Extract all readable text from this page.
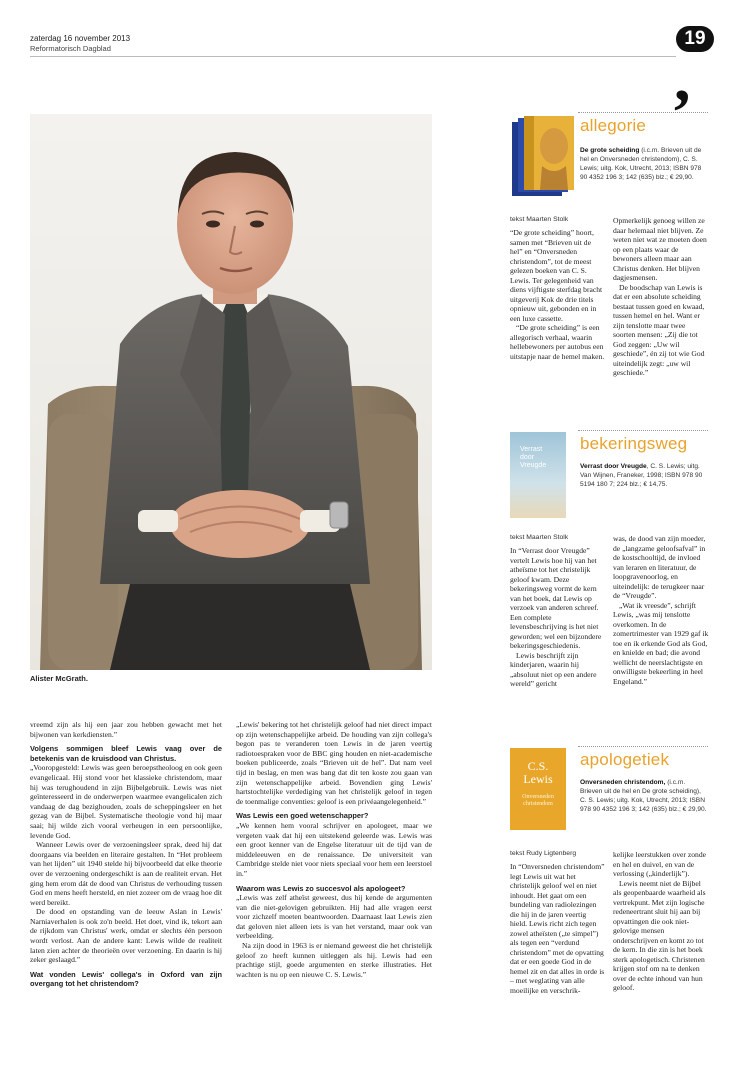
zaterdag 16 november 2013
Reformatorisch Dagblad	19
,
Alister McGrath.

vreemd zijn als hij een jaar zou hebben gewacht met het bijwonen van kerkdiensten.”

Volgens sommigen bleef Lewis vaag over de betekenis van de kruisdood van Christus.

„Vooropgesteld: Lewis was geen beroepstheoloog en ook geen evangelicaal. Hij stond voor het klassieke christendom, maar hij was terughoudend in zijn Bijbelgebruik. Lewis was niet geïnteresseerd in de onderwerpen waarmee evangelicalen zich vandaag de dag bezighouden, zoals de scheppingsleer en het gezag van de Bijbel. Systematische theologie vond hij maar saai; hij wilde zich vooral verheugen in een persoonlijke, levende God.

Wanneer Lewis over de verzoeningsleer sprak, deed hij dat doorgaans via beelden en literaire gestalten. In “Het probleem van het lijden” uit 1940 stelde hij bijvoorbeeld dat elke theorie over de verzoening ondergeschikt is aan de realiteit ervan. Het ging hem erom dát de dood van Christus de verhouding tussen God en mens heeft hersteld, en niet zozeer om de vraag hoe dit werd bereikt.

De dood en opstanding van de leeuw Aslan in Lewis' Narniaverhalen is ook zo'n beeld. Het doet, vind ik, tekort aan de rijkdom van Christus' werk, omdat er slechts één persoon wordt verlost. Aan de andere kant: Lewis wilde de realiteit laten zien achter de theorieën over verzoening. En daarin is hij zeker geslaagd.”

Wat vonden Lewis' collega's in Oxford van zijn overgang tot het christendom?

„Lewis' bekering tot het christelijk geloof had niet direct impact op zijn wetenschappelijke arbeid. De houding van zijn collega's begon pas te veranderen toen Lewis in de jaren veertig radiotoespraken voor de BBC ging houden en niet-academische boeken publiceerde, zoals “Brieven uit de hel”. Dat nam veel tijd in beslag, en men was bang dat dit ten koste zou gaan van zijn wetenschappelijke arbeid. Bovendien ging Lewis' hartstochtelijke verdediging van het christelijk geloof in tegen de toenmalige conventies: geloof is een privéaangelegenheid.”

Was Lewis een goed wetenschapper?

„We kennen hem vooral schrijver en apologeet, maar we vergeten vaak dat hij een uitstekend geleerde was. Lewis was een groot kenner van de Engelse literatuur uit de tijd van de middeleeuwen en de renaissance. De universiteit van Cambridge stelde niet voor niets speciaal voor hem een leerstoel in.”

Waarom was Lewis zo succesvol als apologeet?

„Lewis was zelf atheïst geweest, dus hij kende de argumenten van die niet-gelovigen gebruikten. Hij had alle vragen eerst voor zichzelf moeten beantwoorden. Daarnaast laat Lewis zien dat geloven niet alleen iets is van het verstand, maar ook van verbeelding.

Na zijn dood in 1963 is er niemand geweest die het christelijk geloof zo heeft kunnen uitleggen als hij. Lewis had een prachtige stijl, goede argumenten en sterke illustraties. Het wachten is nu op een nieuwe C. S. Lewis.”

allegorie
De grote scheiding (i.c.m. Brieven uit de hel en Onversneden christendom), C. S. Lewis; uitg. Kok, Utrecht, 2013; ISBN 978 90 4352 196 3; 142 (635) blz.; € 29,90.
tekst Maarten Stolk

“De grote scheiding” hoort, samen met “Brieven uit de hel” en “Onversneden christendom”, tot de meest gelezen boeken van C. S. Lewis. Ter gelegenheid van diens vijftigste sterfdag bracht uitgeverij Kok de drie titels opnieuw uit, gebonden en in een luxe cassette.

“De grote scheiding” is een allegorisch verhaal, waarin hellebewoners per autobus een uitstapje naar de hemel maken.

Opmerkelijk genoeg willen ze daar helemaal niet blijven. Ze weten niet wat ze moeten doen op een plaats waar de bewoners alleen maar aan Christus denken. Het blijven dagjesmensen.

De boodschap van Lewis is dat er een absolute scheiding bestaat tussen goed en kwaad, tussen hemel en hel. Want er zijn tenslotte maar twee soorten mensen: „Zij die tot God zeggen: „Uw wil geschiede”, én zij tot wie God uiteindelijk zegt: „uw wil geschiede.”

Verrast door Vreugde
bekeringsweg
Verrast door Vreugde, C. S. Lewis; uitg. Van Wijnen, Franeker, 1998; ISBN 978 90 5194 180 7; 224 blz.; € 14,75.
tekst Maarten Stolk

In “Verrast door Vreugde” vertelt Lewis hoe hij van het atheïsme tot het christelijk geloof kwam. Deze bekeringsweg vormt de kern van het boek, dat Lewis op verzoek van anderen schreef. Een complete levensbeschrijving is het niet geworden; wel een bijzondere bekeringsgeschiedenis.

Lewis beschrijft zijn kinderjaren, waarin hij „absoluut niet op een andere wereld” gericht

was, de dood van zijn moeder, de „langzame geloofsafval” in de kostschooltijd, de invloed van leraren en literatuur, de loopgravenoorlog, en uiteindelijk: de terugkeer naar de “Vreugde”.

„Wat ik vreesde”, schrijft Lewis, „was mij tenslotte overkomen. In de zomertrimester van 1929 gaf ik toe en ik erkende God als God, en knielde en bad; die avond wellicht de neerslachtigste en onwilligste bekeerling in heel Engeland.”

C.S. Lewis
Onversneden christendom
apologetiek
Onversneden christendom, (i.c.m. Brieven uit de hel en De grote scheiding), C. S. Lewis; uitg. Kok, Utrecht, 2013; ISBN 978 90 4352 196 3; 142 (635) blz.; € 29,90.
tekst Rudy Ligtenberg

In “Onversneden christendom” legt Lewis uit wat het christelijk geloof wel en niet inhoudt. Het gaat om een bundeling van radiolezingen die hij in de jaren veertig hield. Lewis richt zich tegen zowel atheïsten („te simpel”) als tegen een “verdund christendom” met de opvatting dat er een goede God in de hemel zit en dat alles in orde is – met weglating van alle moeilijke en verschrik-

kelijke leerstukken over zonde en hel en duivel, en van de verlossing („kinderlijk”).

Lewis neemt niet de Bijbel als geopenbaarde waarheid als vertrekpunt. Met zijn logische redeneertrant sluit hij aan bij opvattingen die ook niet-gelovige mensen onderschrijven en komt zo tot de kern. In die zin is het boek sterk apologetisch. Christenen krijgen stof om na te denken over de echte inhoud van hun geloof.
